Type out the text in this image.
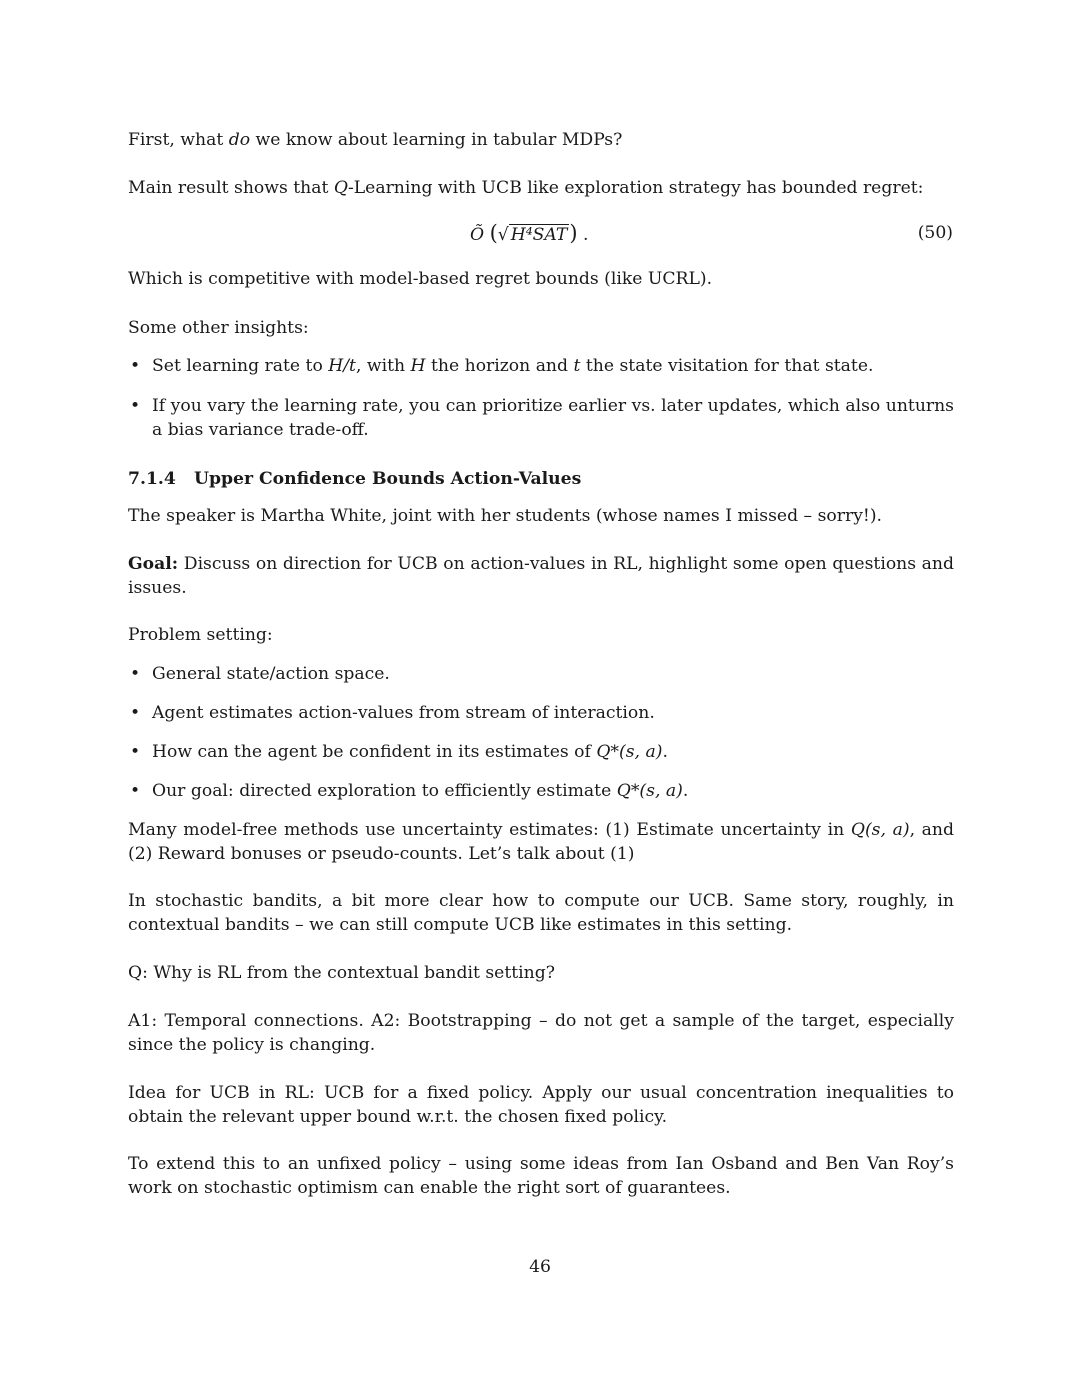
First, what do we know about learning in tabular MDPs?

Main result shows that Q-Learning with UCB like exploration strategy has bounded regret:

Õ (√ H⁴SAT) .	(50)

Which is competitive with model-based regret bounds (like UCRL).

Some other insights:

• Set learning rate to H/t, with H the horizon and t the state visitation for that state.
• If you vary the learning rate, you can prioritize earlier vs. later updates, which also unturns a bias variance trade-off.
7.1.4 Upper Confidence Bounds Action-Values

The speaker is Martha White, joint with her students (whose names I missed – sorry!).

Goal: Discuss on direction for UCB on action-values in RL, highlight some open questions and issues.

Problem setting:

• General state/action space.
• Agent estimates action-values from stream of interaction.
• How can the agent be confident in its estimates of Q*(s, a).
• Our goal: directed exploration to efficiently estimate Q*(s, a).

Many model-free methods use uncertainty estimates: (1) Estimate uncertainty in Q(s, a), and (2) Reward bonuses or pseudo-counts. Let’s talk about (1)

In stochastic bandits, a bit more clear how to compute our UCB. Same story, roughly, in contextual bandits – we can still compute UCB like estimates in this setting.

Q: Why is RL from the contextual bandit setting?

A1: Temporal connections. A2: Bootstrapping – do not get a sample of the target, especially since the policy is changing.

Idea for UCB in RL: UCB for a fixed policy. Apply our usual concentration inequalities to obtain the relevant upper bound w.r.t. the chosen fixed policy.

To extend this to an unfixed policy – using some ideas from Ian Osband and Ben Van Roy’s work on stochastic optimism can enable the right sort of guarantees.

46
